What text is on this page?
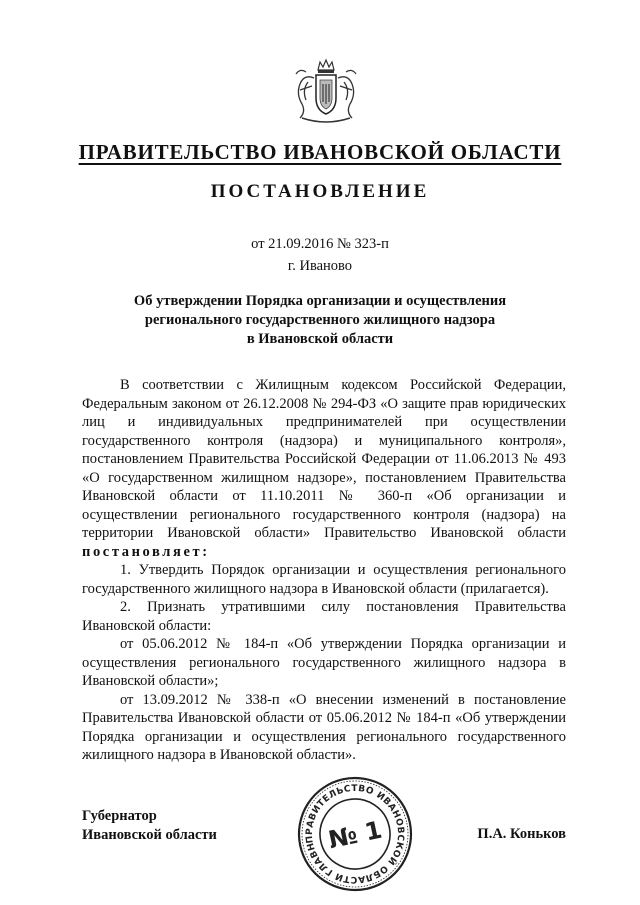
ПРАВИТЕЛЬСТВО ИВАНОВСКОЙ ОБЛАСТИ
ПОСТАНОВЛЕНИЕ
от 21.09.2016 № 323-п
г. Иваново
Об утверждении Порядка организации и осуществления
регионального государственного жилищного надзора
в Ивановской области

В соответствии с Жилищным кодексом Российской Федерации, Федеральным законом от 26.12.2008 № 294-ФЗ «О защите прав юридических лиц и индивидуальных предпринимателей при осуществлении государственного контроля (надзора) и муниципального контроля», постановлением Правительства Российской Федерации от 11.06.2013 № 493 «О государственном жилищном надзоре», постановлением Правительства Ивановской области от 11.10.2011 № 360-п «Об организации и осуществлении регионального государственного контроля (надзора) на территории Ивановской области» Правительство Ивановской области постановляет:

1. Утвердить Порядок организации и осуществления регионального государственного жилищного надзора в Ивановской области (прилагается).

2. Признать утратившими силу постановления Правительства Ивановской области:

от 05.06.2012 № 184-п «Об утверждении Порядка организации и осуществления регионального государственного жилищного надзора в Ивановской области»;

от 13.09.2012 № 338-п «О внесении изменений в постановление Правительства Ивановской области от 05.06.2012 № 184-п «Об утверждении Порядка организации и осуществления регионального государственного жилищного надзора в Ивановской области».

Губернатор
Ивановской области	ПРАВИТЕЛЬСТВО ИВАНОВСКОЙ ОБЛАСТИ ГЛАВНОЕ
№ 1	П.А. Коньков
